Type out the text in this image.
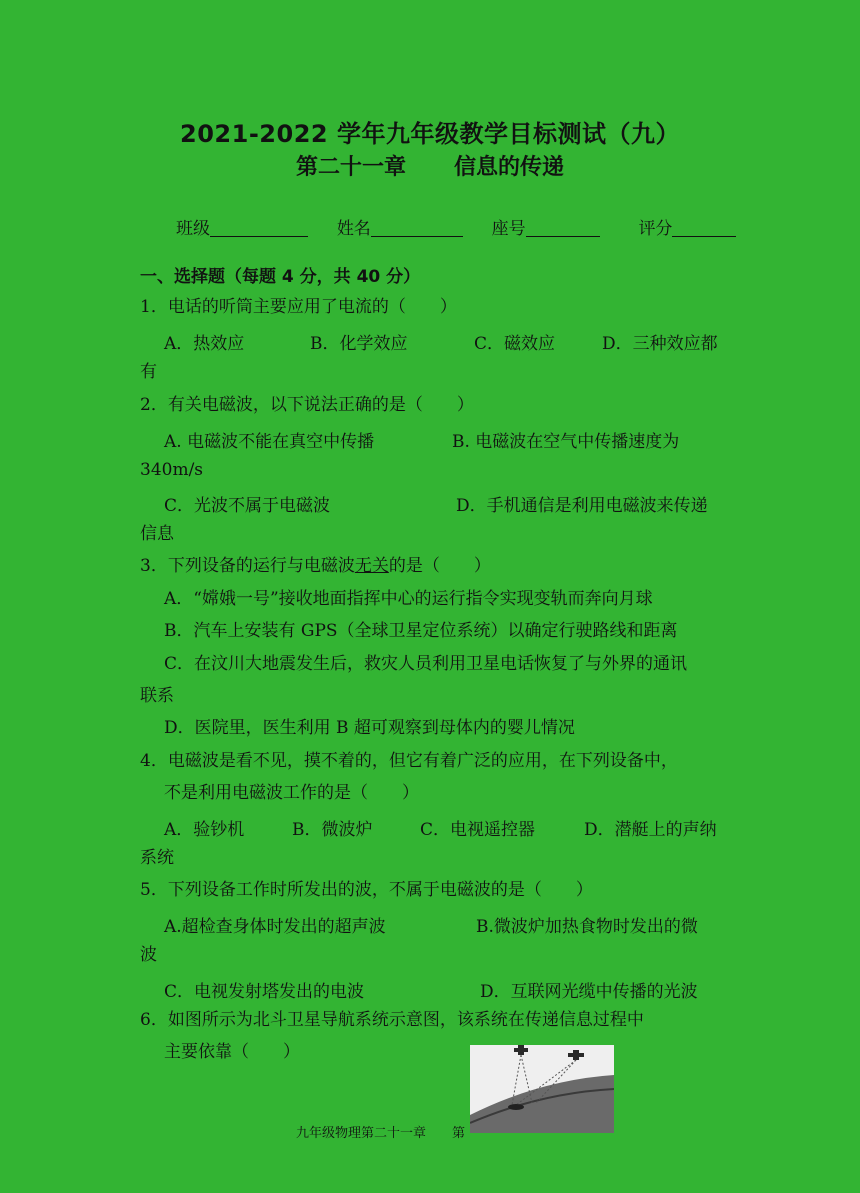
2021-2022 学年九年级教学目标测试（九）
第二十一章 信息的传递
班级	姓名	座号	评分
一、选择题（每题 4 分，共 40 分）
1．电话的听筒主要应用了电流的（　　）
A．热效应	B．化学效应	C．磁效应	D．三种效应都
有
2．有关电磁波，以下说法正确的是（　　）
A. 电磁波不能在真空中传播	B. 电磁波在空气中传播速度为
340m/s
C．光波不属于电磁波	D．手机通信是利用电磁波来传递
信息
3．下列设备的运行与电磁波无关的是（　　）
A．“嫦娥一号”接收地面指挥中心的运行指令实现变轨而奔向月球
B．汽车上安装有 GPS（全球卫星定位系统）以确定行驶路线和距离
C．在汶川大地震发生后，救灾人员利用卫星电话恢复了与外界的通讯
联系
D．医院里，医生利用 B 超可观察到母体内的婴儿情况
4．电磁波是看不见，摸不着的，但它有着广泛的应用，在下列设备中，
不是利用电磁波工作的是（　　）
A．验钞机	B．微波炉	C．电视遥控器	D．潜艇上的声纳
系统
5．下列设备工作时所发出的波，不属于电磁波的是（　　）
A.超检查身体时发出的超声波	B.微波炉加热食物时发出的微
波
C．电视发射塔发出的电波	D．互联网光缆中传播的光波
6．如图所示为北斗卫星导航系统示意图，该系统在传递信息过程中
主要依靠（　　）
九年级物理第二十一章　　第
